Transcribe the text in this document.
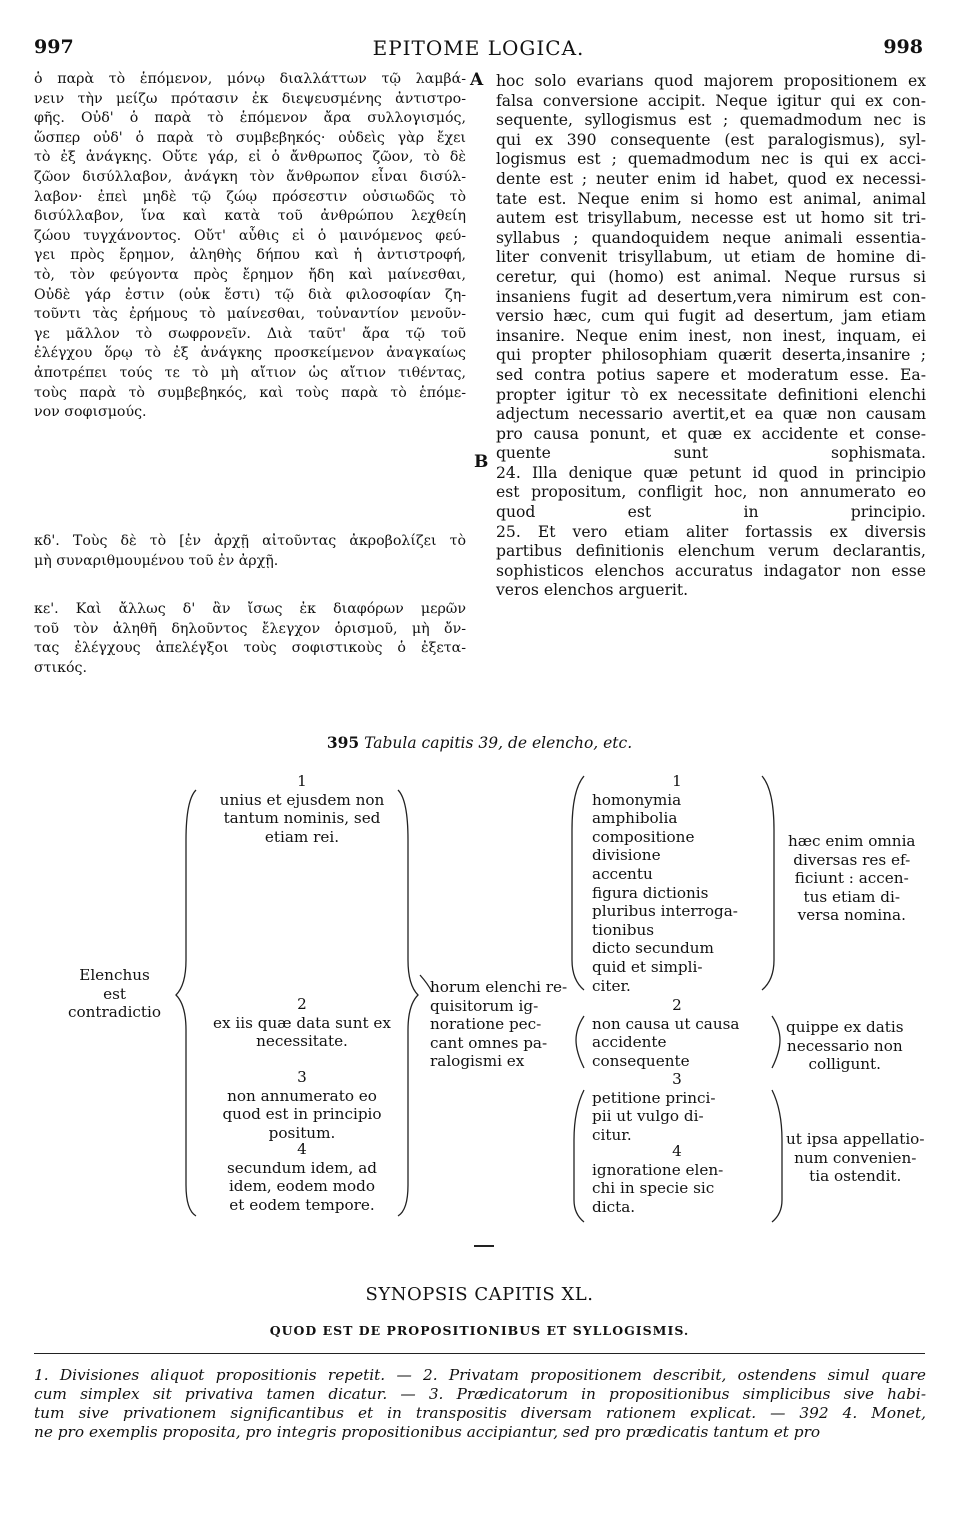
997	EPITOME LOGICA.	998
ὁ παρὰ τὸ ἑπόμενον, μόνῳ διαλλάττων τῷ λαμβά-
νειν τὴν μείζω πρότασιν ἐκ διεψευσμένης ἀντιστρο-
φῆς. Οὐδ' ὁ παρὰ τὸ ἑπόμενον ἄρα συλλογισμός,
ὥσπερ οὐδ' ὁ παρὰ τὸ συμβεβηκός· οὐδεὶς γὰρ ἔχει
τὸ ἐξ ἀνάγκης. Οὔτε γάρ, εἰ ὁ ἄνθρωπος ζῶον, τὸ δὲ
ζῶον δισύλλαβον, ἀνάγκη τὸν ἄνθρωπον εἶναι δισύλ-
λαβον· ἐπεὶ μηδὲ τῷ ζώῳ πρόσεστιν οὐσιωδῶς τὸ
δισύλλαβον, ἵνα καὶ κατὰ τοῦ ἀνθρώπου λεχθείη
ζώου τυγχάνοντος. Οὔτ' αὖθις εἰ ὁ μαινόμενος φεύ-
γει πρὸς ἔρημον, ἀληθὴς δήπου καὶ ἡ ἀντιστροφή,
τὸ, τὸν φεύγοντα πρὸς ἔρημον ἤδη καὶ μαίνεσθαι,
Οὐδὲ γάρ ἐστιν (οὐκ ἔστι) τῷ διὰ φιλοσοφίαν ζη-
τοῦντι τὰς ἐρήμους τὸ μαίνεσθαι, τοὐναντίον μενοῦν-
γε μᾶλλον τὸ σωφρονεῖν. Διὰ ταῦτ' ἄρα τῷ τοῦ
ἐλέγχου ὅρῳ τὸ ἐξ ἀνάγκης προσκείμενον ἀναγκαίως
ἀποτρέπει τούς τε τὸ μὴ αἴτιον ὡς αἴτιον τιθέντας,
τοὺς παρὰ τὸ συμβεβηκός, καὶ τοὺς παρὰ τὸ ἑπόμε-
νον σοφισμούς.
κδ'. Τοὺς δὲ τὸ [ἐν ἀρχῇ αἰτοῦντας ἀκροβολίζει τὸ
μὴ συναριθμουμένου τοῦ ἐν ἀρχῇ.
κε'. Καὶ ἄλλως δ' ἂν ἴσως ἐκ διαφόρων μερῶν
τοῦ τὸν ἀληθῆ δηλοῦντος ἔλεγχον ὁρισμοῦ, μὴ ὄν-
τας ἐλέγχους ἀπελέγξοι τοὺς σοφιστικοὺς ὁ ἐξετα-
στικός.
A
B
hoc solo evarians quod majorem propositionem ex
falsa conversione accipit. Neque igitur qui ex con-
sequente, syllogismus est ; quemadmodum nec is
qui ex 390 consequente (est paralogismus), syl-
logismus est ; quemadmodum nec is qui ex acci-
dente est ; neuter enim id habet, quod ex necessi-
tate est. Neque enim si homo est animal, animal
autem est trisyllabum, necesse est ut homo sit tri-
syllabus ; quandoquidem neque animali essentia-
liter convenit trisyllabum, ut etiam de homine di-
ceretur, qui (homo) est animal. Neque rursus si
insaniens fugit ad desertum,vera nimirum est con-
versio hæc, cum qui fugit ad desertum, jam etiam
insanire. Neque enim inest, non inest, inquam, ei
qui propter philosophiam quærit deserta,insanire ;
sed contra potius sapere et moderatum esse. Ea-
propter igitur τὸ ex necessitate definitioni elenchi
adjectum necessario avertit,et ea quæ non causam
pro causa ponunt, et quæ ex accidente et conse-
quente sunt sophismata.
24. Illa denique quæ petunt id quod in principio
est propositum, confligit hoc, non annumerato eo
quod est in principio.
25. Et vero etiam aliter fortassis ex diversis
partibus definitionis elenchum verum declarantis,
sophisticos elenchos accuratus indagator non esse
veros elenchos arguerit.
395 Tabula capitis 39, de elencho, etc.
Elenchus
est
contradictio
1
unius et ejusdem non
tantum nominis, sed
etiam rei.
2
ex iis quæ data sunt ex
necessitate.
3
non annumerato eo
quod est in principio
positum.
4
secundum idem, ad
idem, eodem modo
et eodem tempore.
horum elenchi re-
quisitorum ig-
noratione pec-
cant omnes pa-
ralogismi ex
1
homonymia
amphibolia
compositione
divisione
accentu
figura dictionis
pluribus interroga-
tionibus
dicto secundum
quid et simpli-
citer.
hæc enim omnia
diversas res ef-
ficiunt : accen-
tus etiam di-
versa nomina.
2
non causa ut causa
accidente
consequente
quippe ex datis
necessario non
colligunt.
3
petitione princi-
pii ut vulgo di-
citur.
4
ignoratione elen-
chi in specie sic
dicta.
ut ipsa appellatio-
num convenien-
tia ostendit.
SYNOPSIS CAPITIS XL.
QUOD EST DE PROPOSITIONIBUS ET SYLLOGISMIS.
1. Divisiones aliquot propositionis repetit. — 2. Privatam propositionem describit, ostendens simul quare
cum simplex sit privativa tamen dicatur. — 3. Prædicatorum in propositionibus simplicibus sive habi-
tum sive privationem significantibus et in transpositis diversam rationem explicat. — 392 4. Monet,
ne pro exemplis proposita, pro integris propositionibus accipiantur, sed pro prædicatis tantum et pro
